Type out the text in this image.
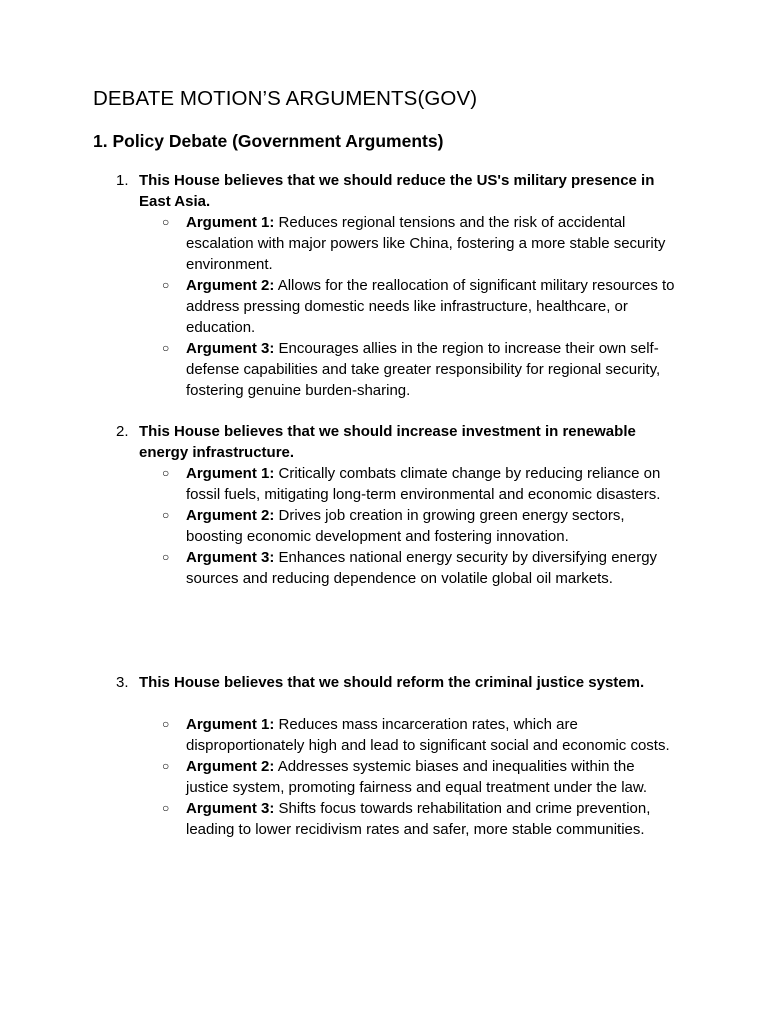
DEBATE MOTION’S ARGUMENTS(GOV)
1. Policy Debate (Government Arguments)
1. This House believes that we should reduce the US's military presence in East Asia.

○ Argument 1: Reduces regional tensions and the risk of accidental escalation with major powers like China, fostering a more stable security environment.

○ Argument 2: Allows for the reallocation of significant military resources to address pressing domestic needs like infrastructure, healthcare, or education.

○ Argument 3: Encourages allies in the region to increase their own self-defense capabilities and take greater responsibility for regional security, fostering genuine burden-sharing.

2. This House believes that we should increase investment in renewable energy infrastructure.

○ Argument 1: Critically combats climate change by reducing reliance on fossil fuels, mitigating long-term environmental and economic disasters.

○ Argument 2: Drives job creation in growing green energy sectors, boosting economic development and fostering innovation.

○ Argument 3: Enhances national energy security by diversifying energy sources and reducing dependence on volatile global oil markets.

3. This House believes that we should reform the criminal justice system.

○ Argument 1: Reduces mass incarceration rates, which are disproportionately high and lead to significant social and economic costs.

○ Argument 2: Addresses systemic biases and inequalities within the justice system, promoting fairness and equal treatment under the law.

○ Argument 3: Shifts focus towards rehabilitation and crime prevention, leading to lower recidivism rates and safer, more stable communities.
